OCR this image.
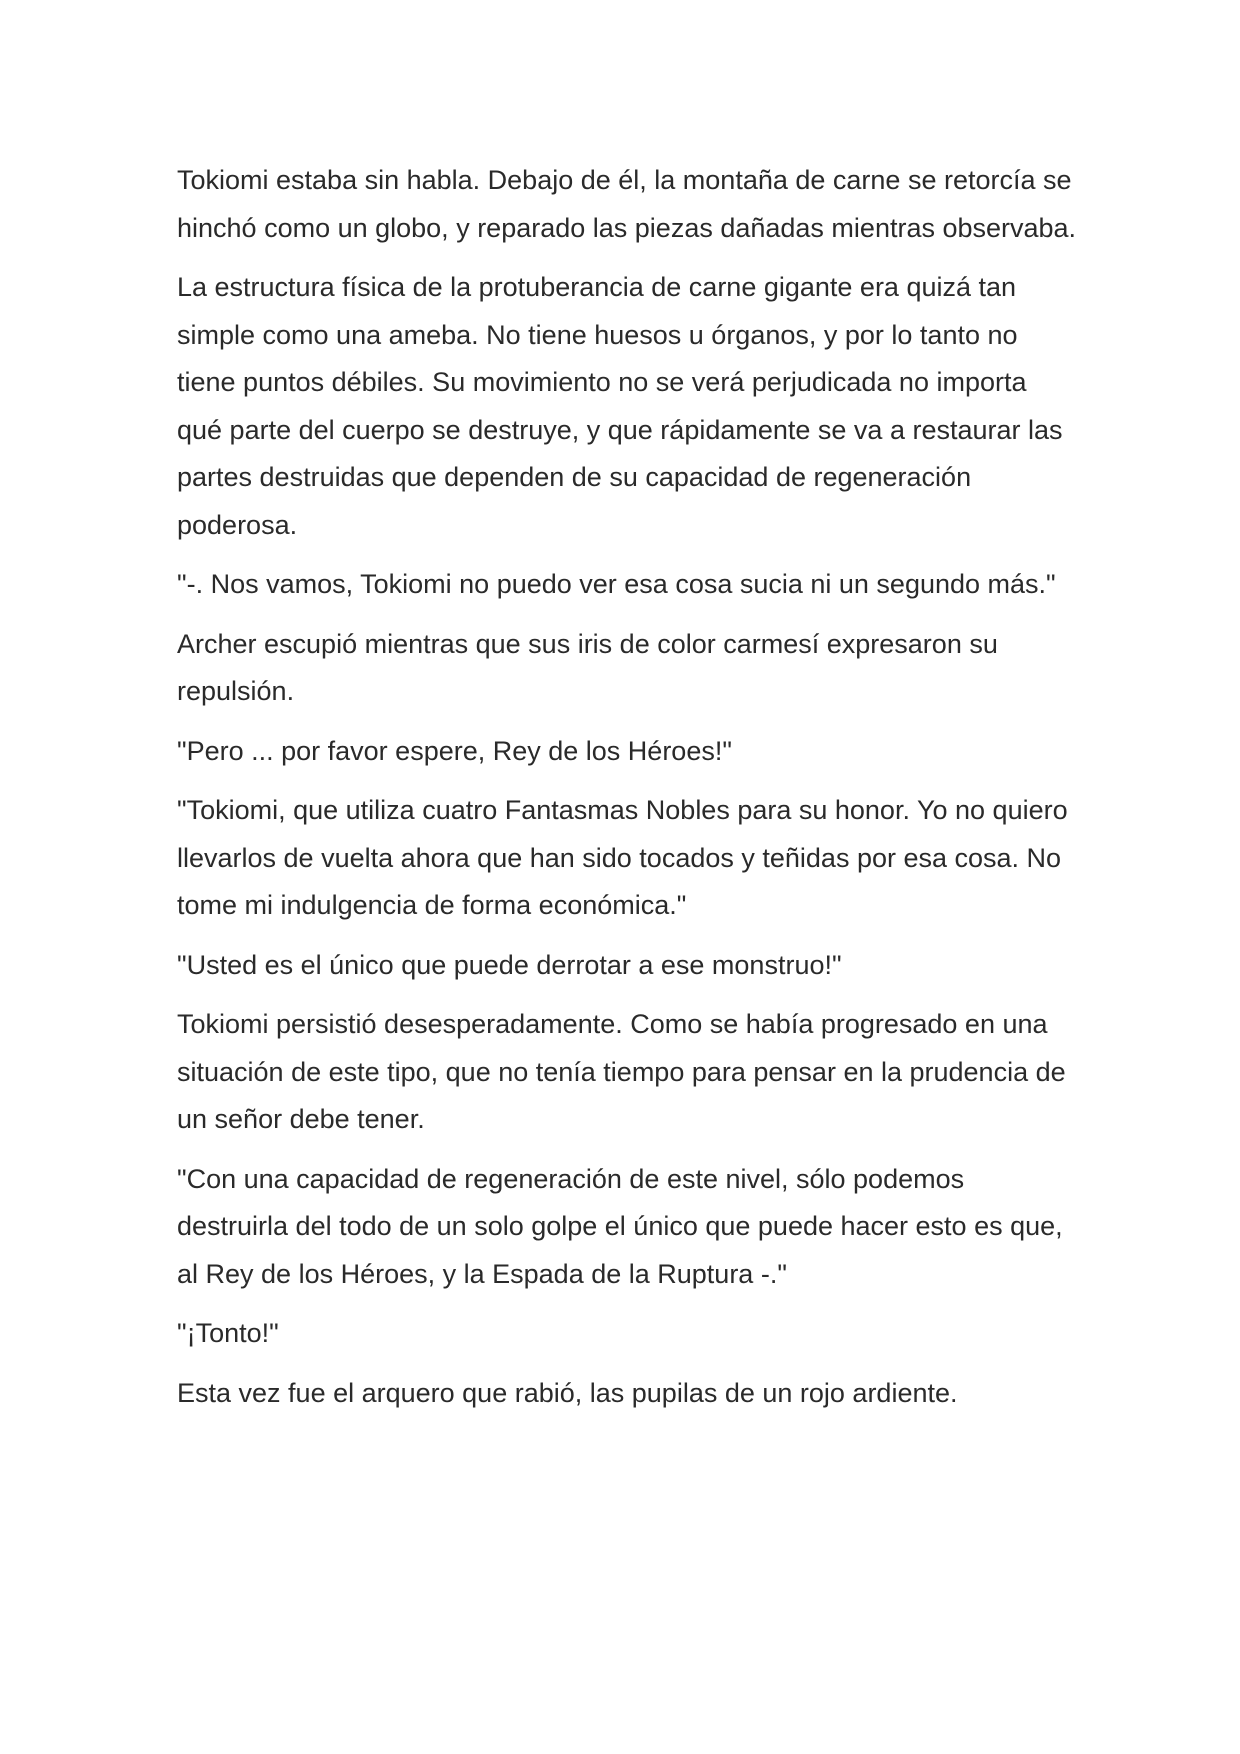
Tokiomi estaba sin habla. Debajo de él, la montaña de carne se retorcía se hinchó como un globo, y reparado las piezas dañadas mientras observaba.

La estructura física de la protuberancia de carne gigante era quizá tan simple como una ameba. No tiene huesos u órganos, y por lo tanto no tiene puntos débiles. Su movimiento no se verá perjudicada no importa qué parte del cuerpo se destruye, y que rápidamente se va a restaurar las partes destruidas que dependen de su capacidad de regeneración poderosa.

"-. Nos vamos, Tokiomi no puedo ver esa cosa sucia ni un segundo más."

Archer escupió mientras que sus iris de color carmesí expresaron su repulsión.

"Pero ... por favor espere, Rey de los Héroes!"

"Tokiomi, que utiliza cuatro Fantasmas Nobles para su honor. Yo no quiero llevarlos de vuelta ahora que han sido tocados y teñidas por esa cosa. No tome mi indulgencia de forma económica."

"Usted es el único que puede derrotar a ese monstruo!"

Tokiomi persistió desesperadamente. Como se había progresado en una situación de este tipo, que no tenía tiempo para pensar en la prudencia de un señor debe tener.

"Con una capacidad de regeneración de este nivel, sólo podemos destruirla del todo de un solo golpe el único que puede hacer esto es que, al Rey de los Héroes, y la Espada de la Ruptura -."

"¡Tonto!"

Esta vez fue el arquero que rabió, las pupilas de un rojo ardiente.
